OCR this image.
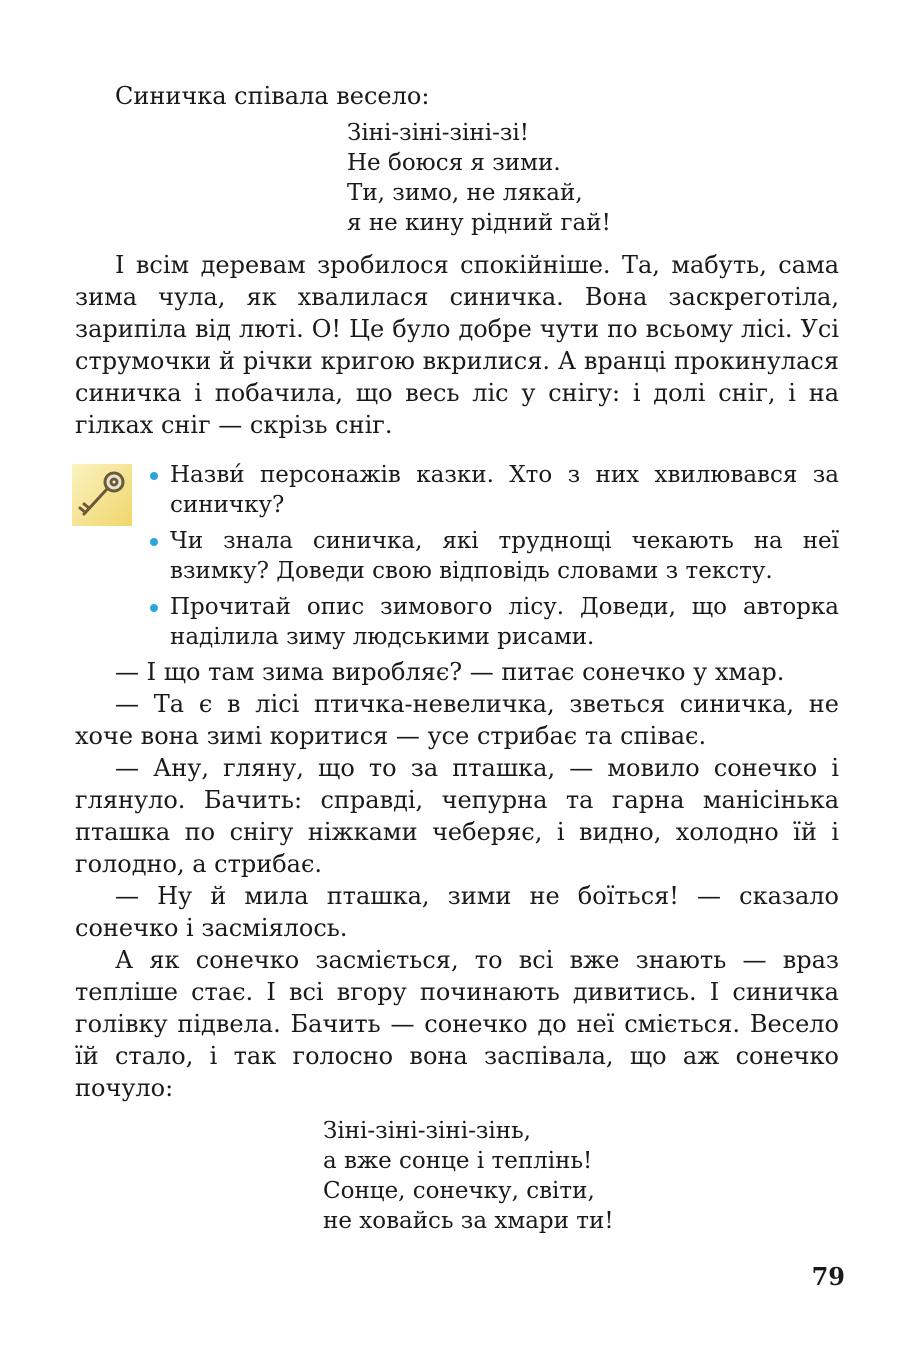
Синичка співала весело:

Зіні-зіні-зіні-зі!
Не боюся я зими.
Ти, зимо, не лякай,
я не кину рідний гай!

І всім деревам зробилося спокійніше. Та, мабуть, сама зима чула, як хвалилася синичка. Вона заскреготіла, зарипіла від люті. О! Це було добре чути по всьому лісі. Усі струмочки й річки кригою вкрилися. А вранці прокинулася синичка і побачила, що весь ліс у снігу: і долі сніг, і на гілках сніг — скрізь сніг.

Назви́ персонажів казки. Хто з них хвилювався за синичку?
Чи знала синичка, які труднощі чекають на неї взимку? Доведи свою відповідь словами з тексту.
Прочитай опис зимового лісу. Доведи, що авторка наділила зиму людськими рисами.

— І що там зима виробляє? — питає сонечко у хмар.

— Та є в лісі птичка-невеличка, зветься синичка, не хоче вона зимі коритися — усе стрибає та співає.

— Ану, гляну, що то за пташка, — мовило сонечко і глянуло. Бачить: справді, чепурна та гарна манісінька пташка по снігу ніжками чеберяє, і видно, холодно їй і голодно, а стрибає.

— Ну й мила пташка, зими не боїться! — сказало сонечко і засміялось.

А як сонечко засміється, то всі вже знають — враз тепліше стає. І всі вгору починають дивитись. І синичка голівку підвела. Бачить — сонечко до неї сміється. Весело їй стало, і так голосно вона заспівала, що аж сонечко почуло:

Зіні-зіні-зіні-зінь,
а вже сонце і теплінь!
Сонце, сонечку, світи,
не ховайсь за хмари ти!
79
